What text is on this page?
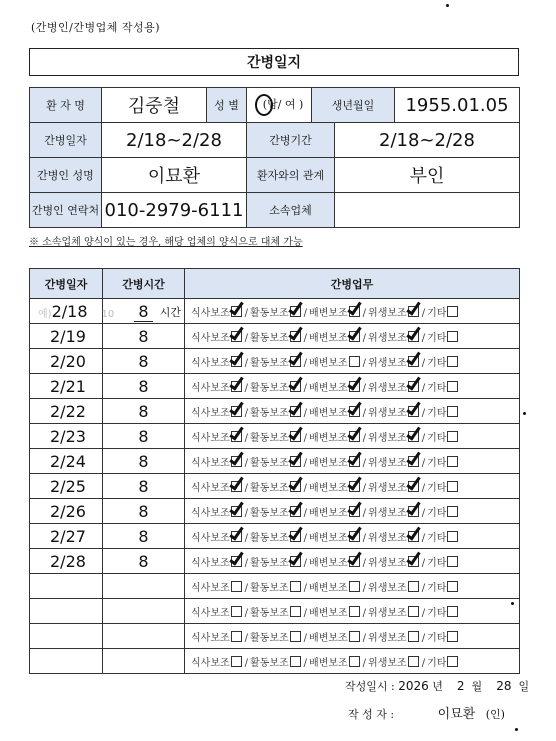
(간병인/간병업체 작성용)
간병일지
환 자 명	김중철	성 별	(남/ 여 )	생년월일		1955.01.05
간병일자	2/18~2/28		간병기간		2/18~2/28	
간병인 성명	이묘환		환자와의 관계		부인	
간병인 연락처	010-2979-6111		소속업체			
※ 소속업체 양식이 있는 경우, 해당 업체의 양식으로 대체 가능
간병일자	간병시간	간병업무
예)2/18 10	8 시간	식사보조 / 활동보조 / 배변보조 / 위생보조 / 기타
2/19	8	식사보조 / 활동보조 / 배변보조 / 위생보조 / 기타
2/20	8	식사보조 / 활동보조 / 배변보조 / 위생보조 / 기타
2/21	8	식사보조 / 활동보조 / 배변보조 / 위생보조 / 기타
2/22	8	식사보조 / 활동보조 / 배변보조 / 위생보조 / 기타
2/23	8	식사보조 / 활동보조 / 배변보조 / 위생보조 / 기타
2/24	8	식사보조 / 활동보조 / 배변보조 / 위생보조 / 기타
2/25	8	식사보조 / 활동보조 / 배변보조 / 위생보조 / 기타
2/26	8	식사보조 / 활동보조 / 배변보조 / 위생보조 / 기타
2/27	8	식사보조 / 활동보조 / 배변보조 / 위생보조 / 기타
2/28	8	식사보조 / 활동보조 / 배변보조 / 위생보조 / 기타
		식사보조 / 활동보조 / 배변보조 / 위생보조 / 기타
		식사보조 / 활동보조 / 배변보조 / 위생보조 / 기타
		식사보조 / 활동보조 / 배변보조 / 위생보조 / 기타
		식사보조 / 활동보조 / 배변보조 / 위생보조 / 기타
작성일시 : 2026 년 2 월 28 일
작 성 자 :	이묘환 (인)
